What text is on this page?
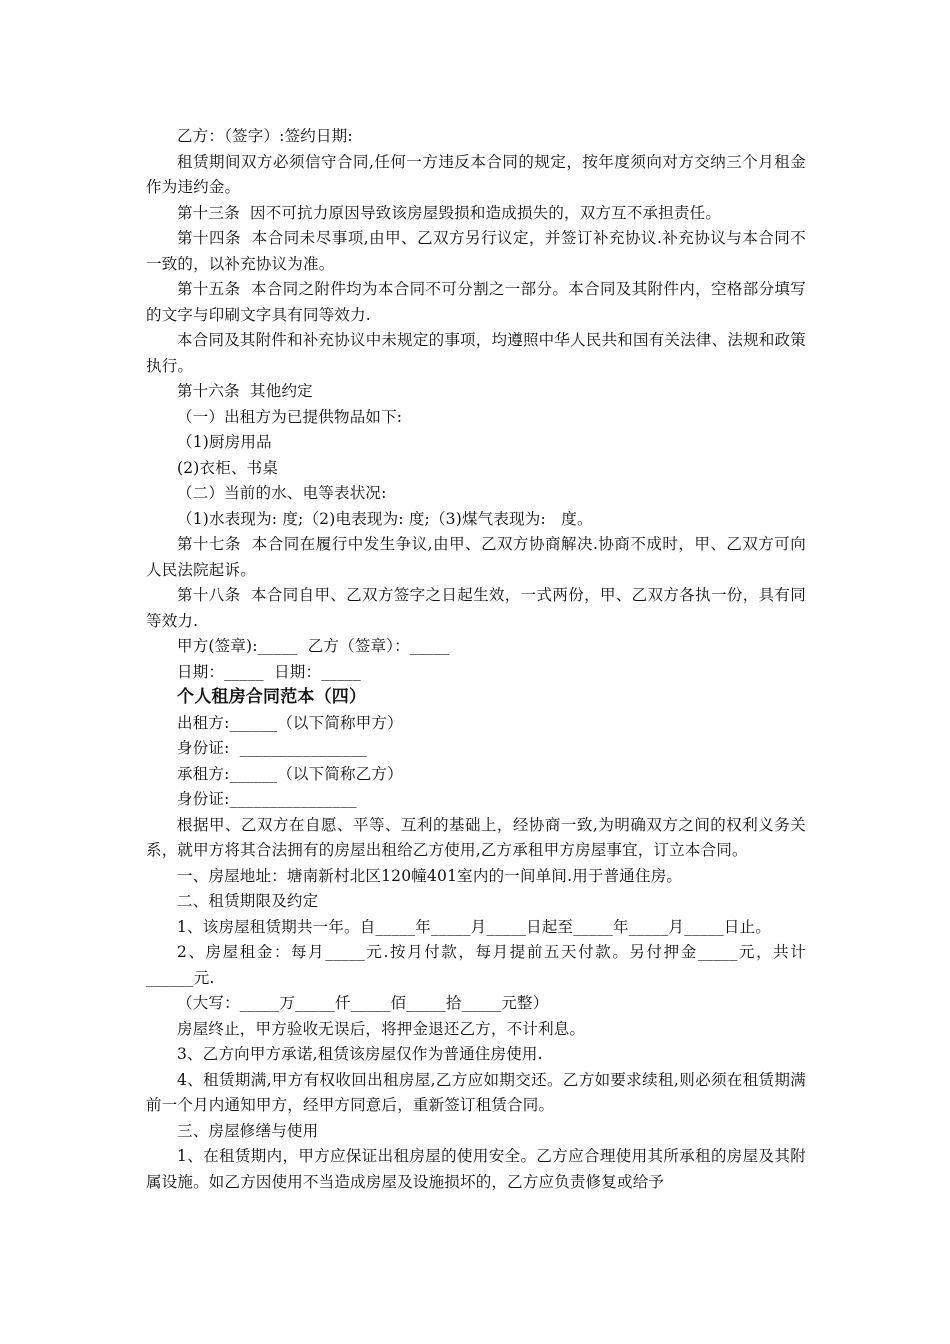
乙方：（签字）:签约日期:

租赁期间双方必须信守合同,任何一方违反本合同的规定，按年度须向对方交纳三个月租金作为违约金。

第十三条  因不可抗力原因导致该房屋毁损和造成损失的，双方互不承担责任。

第十四条  本合同未尽事项,由甲、乙双方另行议定，并签订补充协议.补充协议与本合同不一致的，以补充协议为准。

第十五条  本合同之附件均为本合同不可分割之一部分。本合同及其附件内，空格部分填写的文字与印刷文字具有同等效力.

本合同及其附件和补充协议中未规定的事项，均遵照中华人民共和国有关法律、法规和政策执行。

第十六条  其他约定

（一）出租方为已提供物品如下:

（1)厨房用品

(2)衣柜、书桌

（二）当前的水、电等表状况:

（1)水表现为: 度;（2)电表现为: 度;（3)煤气表现为:   度。

第十七条  本合同在履行中发生争议,由甲、乙双方协商解决.协商不成时，甲、乙双方可向人民法院起诉。

第十八条  本合同自甲、乙双方签字之日起生效，一式两份，甲、乙双方各执一份，具有同等效力.

甲方(签章):_____  乙方（签章）：_____

日期：_____  日期：_____

个人租房合同范本（四）

出租方:______（以下简称甲方）

身份证:  ________________

承租方:______（以下简称乙方）

身份证:________________

根据甲、乙双方在自愿、平等、互利的基础上，经协商一致,为明确双方之间的权利义务关系，就甲方将其合法拥有的房屋出租给乙方使用,乙方承租甲方房屋事宜，订立本合同。

一、房屋地址：塘南新村北区120幢401室内的一间单间.用于普通住房。

二、租赁期限及约定

1、该房屋租赁期共一年。自_____年_____月_____日起至_____年_____月_____日止。

2、房屋租金：每月_____元.按月付款，每月提前五天付款。另付押金_____元，共计______元.

（大写：_____万_____仟_____佰_____拾_____元整）

房屋终止，甲方验收无误后，将押金退还乙方，不计利息。

3、乙方向甲方承诺,租赁该房屋仅作为普通住房使用.

4、租赁期满,甲方有权收回出租房屋,乙方应如期交还。乙方如要求续租,则必须在租赁期满前一个月内通知甲方，经甲方同意后，重新签订租赁合同。

三、房屋修缮与使用

1、在租赁期内，甲方应保证出租房屋的使用安全。乙方应合理使用其所承租的房屋及其附属设施。如乙方因使用不当造成房屋及设施损坏的，乙方应负责修复或给予
